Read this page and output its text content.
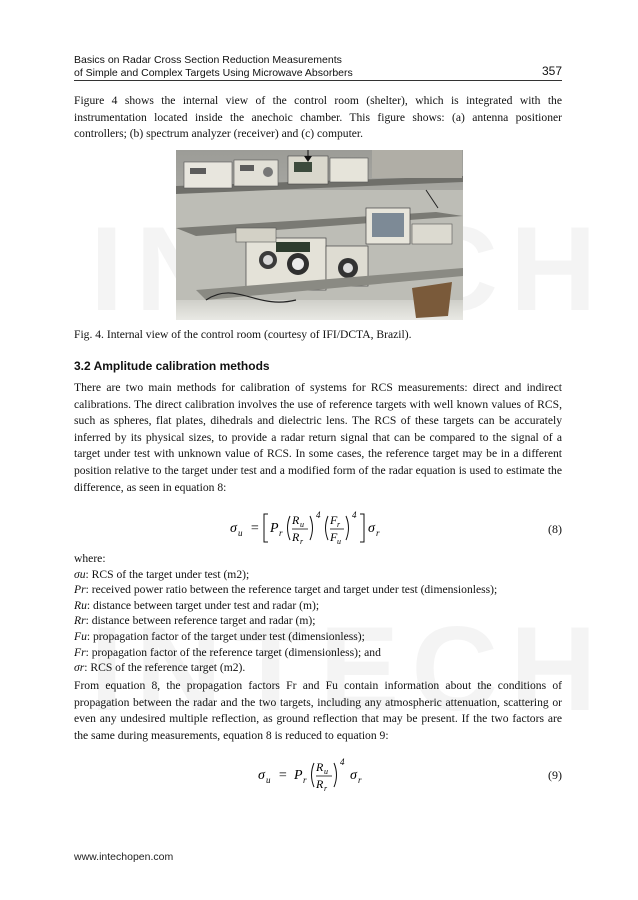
Basics on Radar Cross Section Reduction Measurements
of Simple and Complex Targets Using Microwave Absorbers	357

Figure 4 shows the internal view of the control room (shelter), which is integrated with the instrumentation located inside the anechoic chamber. This figure shows: (a) antenna positioner controllers; (b) spectrum analyzer (receiver) and (c) computer.

Fig. 4. Internal view of the control room (courtesy of IFI/DCTA, Brazil).
3.2 Amplitude calibration methods

There are two main methods for calibration of systems for RCS measurements: direct and indirect calibrations. The direct calibration involves the use of reference targets with well known values of RCS, such as spheres, flat plates, dihedrals and dielectric lens. The RCS of these targets can be accurately inferred by its physical sizes, to provide a radar return signal that can be compared to the signal of a target under test with unknown value of RCS. In some cases, the reference target may be in a different position relative to the target under test and a modified form of the radar equation is used to estimate the difference, as seen in equation 8:

σ u = P r
R u
R r
4 F r
F u
4
σ r	(8)
where:
σu: RCS of the target under test (m2);
Pr: received power ratio between the reference target and target under test (dimensionless);
Ru: distance between target under test and radar (m);
Rr: distance between reference target and radar (m);
Fu: propagation factor of the target under test (dimensionless);
Fr: propagation factor of the reference target (dimensionless); and
σr: RCS of the reference target (m2).

From equation 8, the propagation factors Fr and Fu contain information about the conditions of propagation between the radar and the two targets, including any atmospheric attenuation, scattering or even any undesired multiple reflection, as ground reflection that may be present. If the two factors are the same during measurements, equation 8 is reduced to equation 9:

σ u = P r
R u
R r
4
σ r	(9)
www.intechopen.com
